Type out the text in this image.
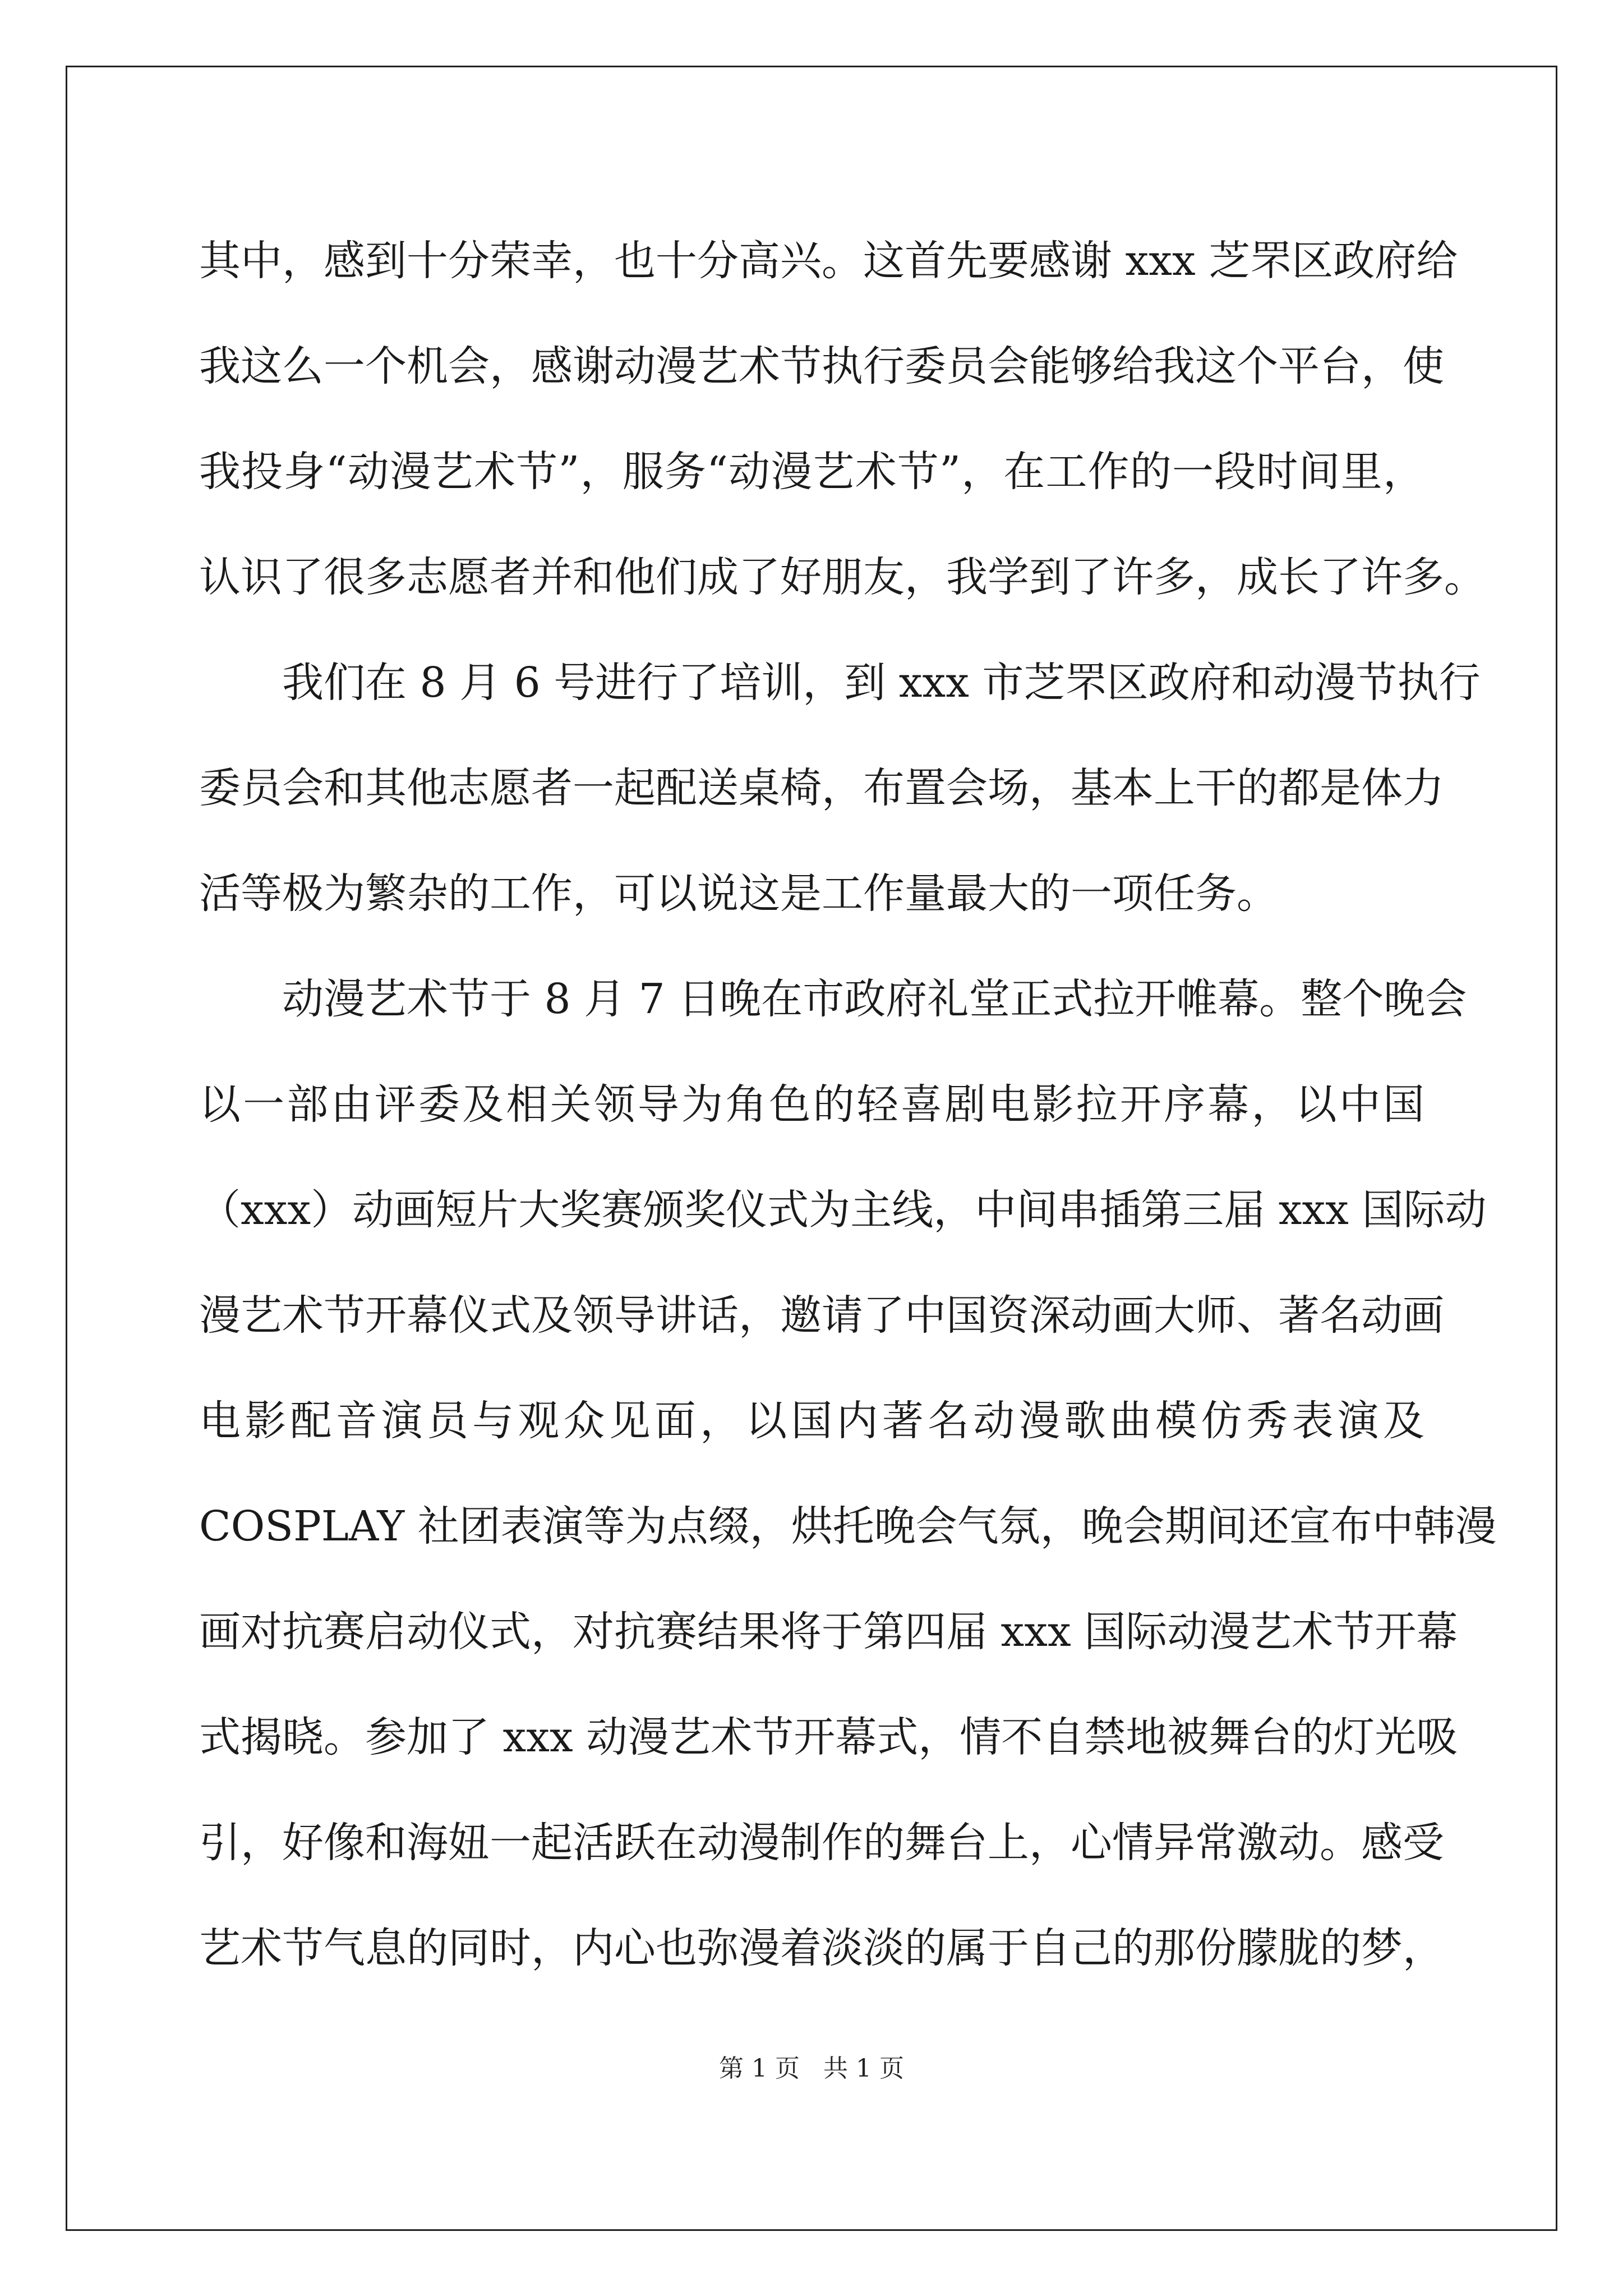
其中，感到十分荣幸，也十分高兴。这首先要感谢 xxx 芝罘区政府给
我这么一个机会，感谢动漫艺术节执行委员会能够给我这个平台，使
我投身“动漫艺术节”，服务“动漫艺术节”，在工作的一段时间里，
认识了很多志愿者并和他们成了好朋友，我学到了许多，成长了许多。
　　我们在 8 月 6 号进行了培训，到 xxx 市芝罘区政府和动漫节执行
委员会和其他志愿者一起配送桌椅，布置会场，基本上干的都是体力
活等极为繁杂的工作，可以说这是工作量最大的一项任务。
　　动漫艺术节于 8 月 7 日晚在市政府礼堂正式拉开帷幕。整个晚会
以一部由评委及相关领导为角色的轻喜剧电影拉开序幕，以中国
（xxx）动画短片大奖赛颁奖仪式为主线，中间串插第三届 xxx 国际动
漫艺术节开幕仪式及领导讲话，邀请了中国资深动画大师、著名动画
电影配音演员与观众见面，以国内著名动漫歌曲模仿秀表演及
COSPLAY 社团表演等为点缀，烘托晚会气氛，晚会期间还宣布中韩漫
画对抗赛启动仪式，对抗赛结果将于第四届 xxx 国际动漫艺术节开幕
式揭晓。参加了 xxx 动漫艺术节开幕式，情不自禁地被舞台的灯光吸
引，好像和海妞一起活跃在动漫制作的舞台上，心情异常激动。感受
艺术节气息的同时，内心也弥漫着淡淡的属于自己的那份朦胧的梦，
第 1 页   共 1 页
